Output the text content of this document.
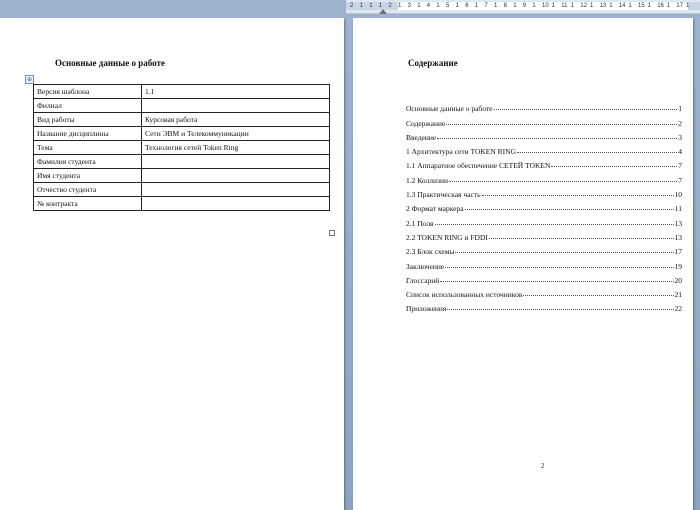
2 1 1 1 2 1 3 1 4 1 5 1 6 1 7 1 8 1 9 1 10 1 11 1 12 1 13 1 14 1 15 1 16 1 17 1
Основные данные о работе
⊕
Версия шаблона	1.1
Филиал	
Вид работы	Курсовая работа
Название дисциплины	Сети ЭВМ и Телекоммуникации
Тема	Технология сетей Token Ring
Фамилия студента	
Имя студента	
Отчество студента	
№ контракта	
Содержание
Основные данные о работе	1
Содержание	2
Введение	3
1 Архитектура сети TOKEN RING	4
1.1 Аппаратное обеспечение СЕТЕЙ TOKEN	7
1.2 Коллизии	7
1.3 Практическая часть	10
2 Формат маркера	11
2.1 Поля	13
2.2 TOKEN RING и FDDI	13
2.3 Блок схемы	17
Заключение	19
Глоссарий	20
Список использованных источников	21
Приложения	22
2
